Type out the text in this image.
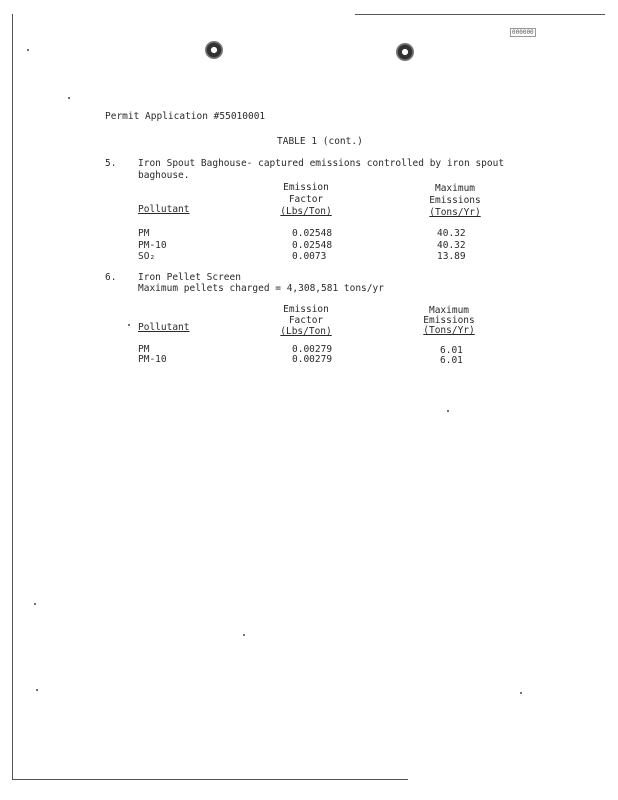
000000
Permit Application #55010001
TABLE 1 (cont.)
5. Iron Spout Baghouse- captured emissions controlled by iron spout
baghouse.
Emission
Factor
(Lbs/Ton)
Maximum
Emissions
(Tons/Yr)
Pollutant
PM	0.02548	40.32
PM-10	0.02548	40.32
SO₂	0.0073	13.89
6. Iron Pellet Screen
Maximum pellets charged = 4,308,581 tons/yr
Emission
Factor
(Lbs/Ton)
Maximum
Emissions
(Tons/Yr)
Pollutant
PM	0.00279	6.01
PM-10	0.00279	6.01
